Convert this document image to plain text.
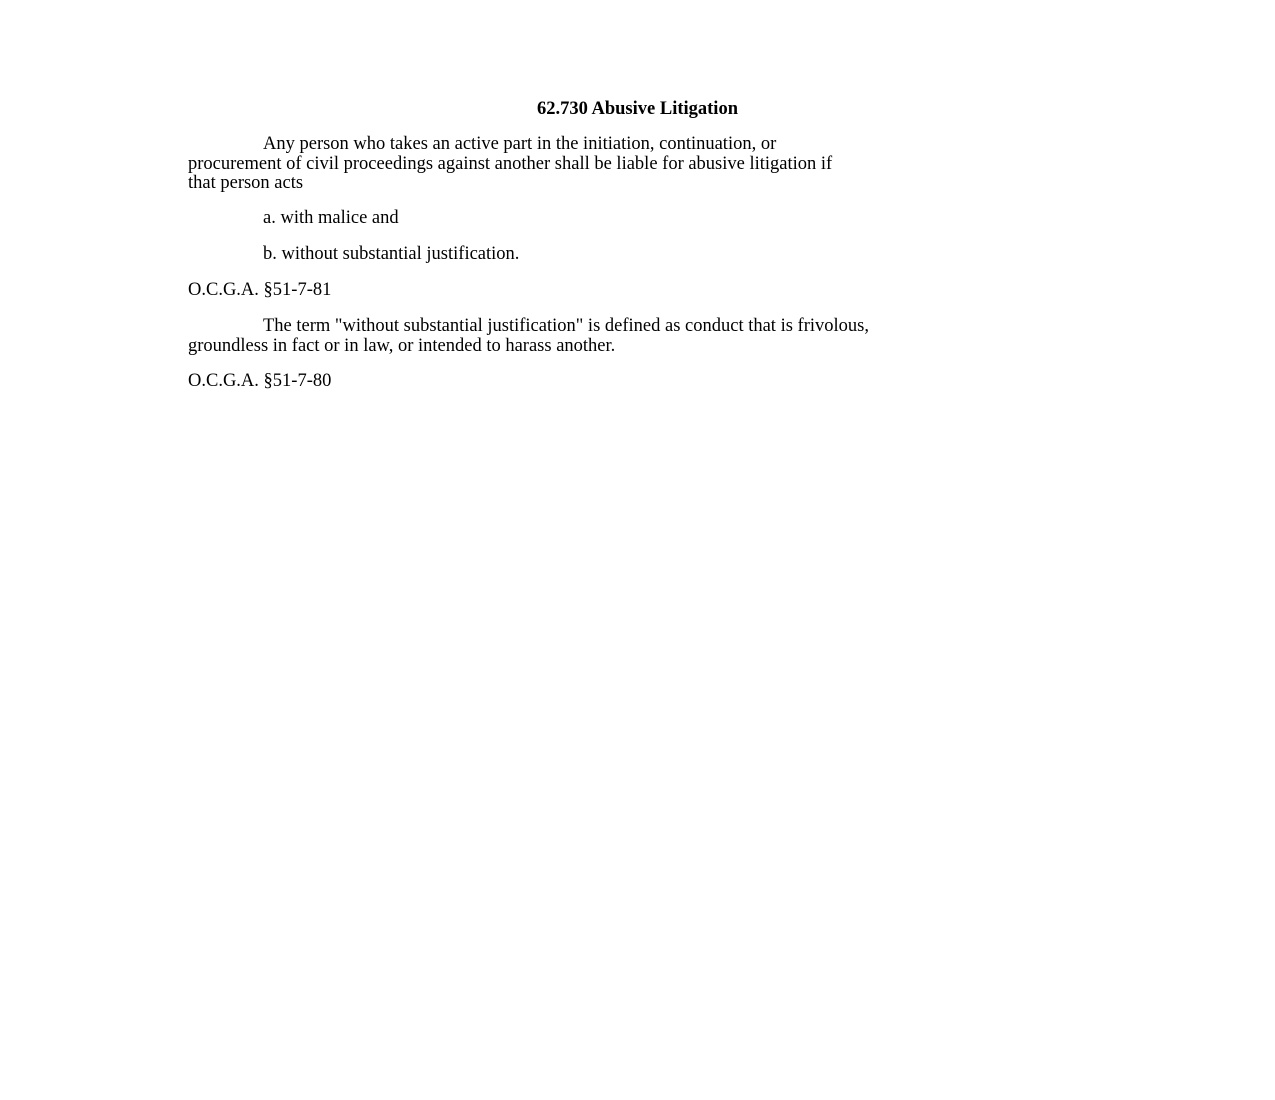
62.730 Abusive Litigation
Any person who takes an active part in the initiation, continuation, or
procurement of civil proceedings against another shall be liable for abusive litigation if
that person acts
a. with malice and
b. without substantial justification.
O.C.G.A. §51-7-81
The term "without substantial justification" is defined as conduct that is frivolous,
groundless in fact or in law, or intended to harass another.
O.C.G.A. §51-7-80
